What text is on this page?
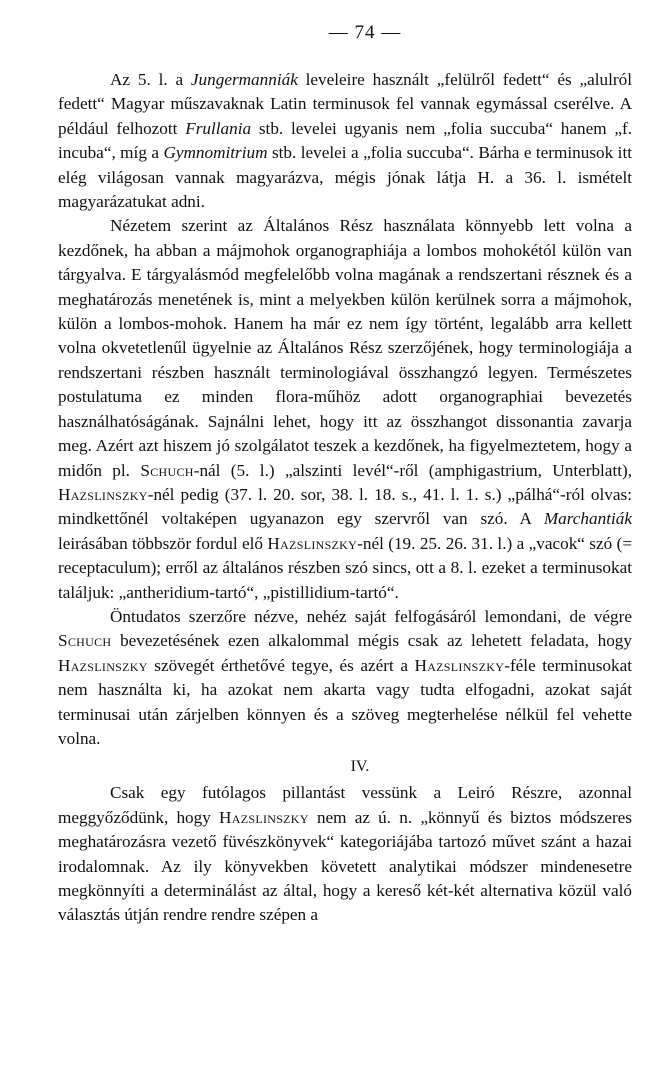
— 74 —

Az 5. l. a Jungermanniák leveleire használt „felülről fedett“ és „alulról fedett“ Magyar műszavaknak Latin terminusok fel vannak egymással cserélve. A például felhozott Frullania stb. levelei ugyanis nem „folia succuba“ hanem „f. incuba“, míg a Gymnomitrium stb. levelei a „folia succuba“. Bárha e terminusok itt elég világosan vannak magyarázva, mégis jónak látja H. a 36. l. ismételt magyarázatukat adni.

Nézetem szerint az Általános Rész használata könnyebb lett volna a kezdőnek, ha abban a májmohok organographiája a lombos mohokétól külön van tárgyalva. E tárgyalásmód megfelelőbb volna magának a rendszertani résznek és a meghatározás menetének is, mint a melyekben külön kerülnek sorra a májmohok, külön a lombos-mohok. Hanem ha már ez nem így történt, legalább arra kellett volna okvetetlenűl ügyelnie az Általános Rész szerzőjének, hogy terminologiája a rendszertani részben használt terminologiával összhangzó legyen. Természetes postulatuma ez minden flora-műhöz adott organographiai bevezetés használhatóságának. Sajnálni lehet, hogy itt az összhangot dissonantia zavarja meg. Azért azt hiszem jó szolgálatot teszek a kezdőnek, ha figyelmeztetem, hogy a midőn pl. Schuch-nál (5. l.) „alszinti levél“-ről (amphigastrium, Unterblatt), Hazslinszky-nél pedig (37. l. 20. sor, 38. l. 18. s., 41. l. 1. s.) „pálhá“-ról olvas: mindkettőnél voltaképen ugyanazon egy szervről van szó. A Marchantiák leirásában többször fordul elő Hazslinszky-nél (19. 25. 26. 31. l.) a „vacok“ szó (= receptaculum); erről az általános részben szó sincs, ott a 8. l. ezeket a terminusokat találjuk: „antheridium-tartó“, „pistillidium-tartó“.

Öntudatos szerzőre nézve, nehéz saját felfogásáról lemondani, de végre Schuch bevezetésének ezen alkalommal mégis csak az lehetett feladata, hogy Hazslinszky szövegét érthetővé tegye, és azért a Hazslinszky-féle terminusokat nem használta ki, ha azokat nem akarta vagy tudta elfogadni, azokat saját terminusai után zárjelben könnyen és a szöveg megterhelése nélkül fel vehette volna.

IV.

Csak egy futólagos pillantást vessünk a Leiró Részre, azonnal meggyőződünk, hogy Hazslinszky nem az ú. n. „könnyű és biztos módszeres meghatározásra vezető füvészkönyvek“ kategoriájába tartozó művet szánt a hazai irodalomnak. Az ily könyvekben követett analytikai módszer mindenesetre megkönnyíti a determinálást az által, hogy a kereső két-két alternativa közül való választás útján rendre rendre szépen a
